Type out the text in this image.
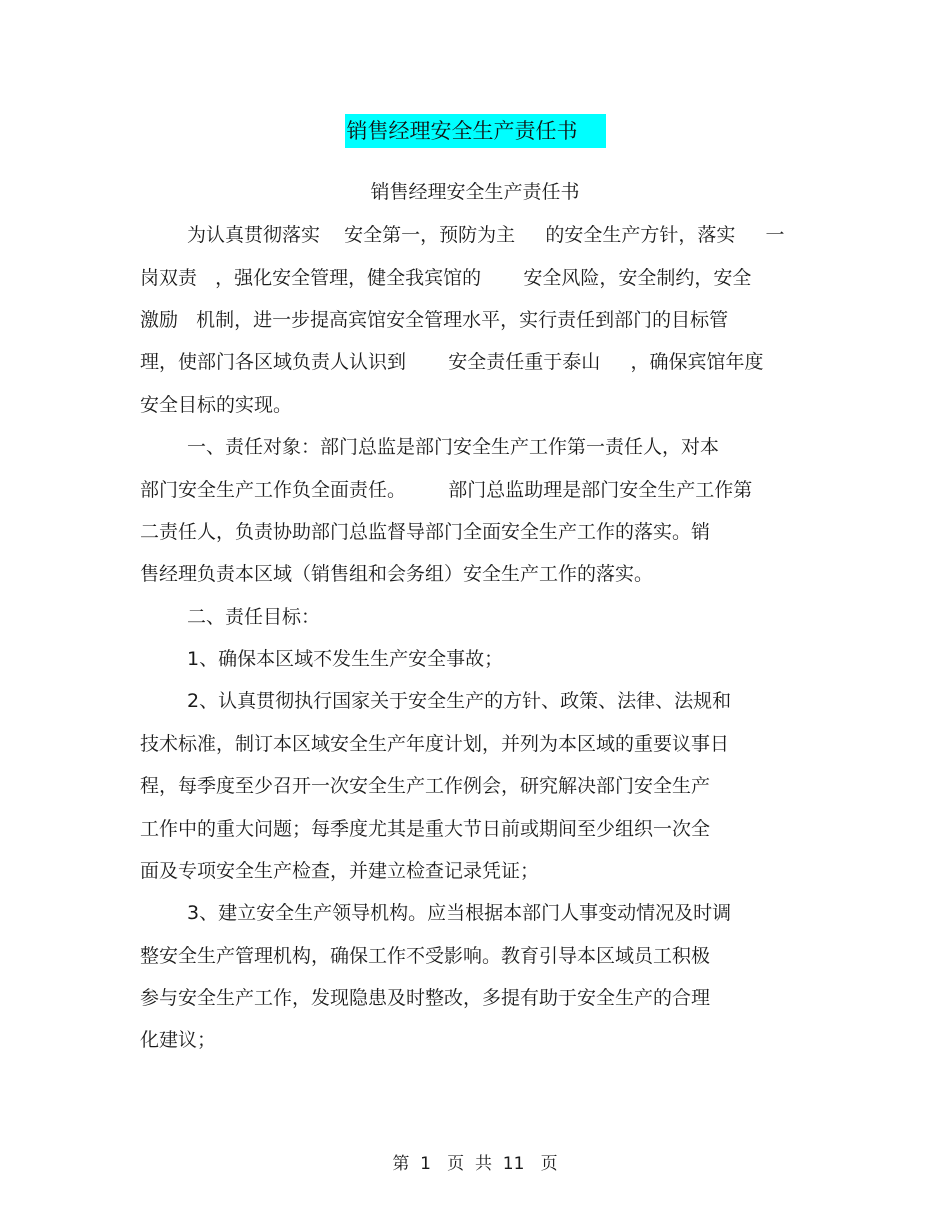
销售经理安全生产责任书
销售经理安全生产责任书
为认真贯彻落实    安全第一，预防为主     的安全生产方针，落实     一
岗双责   ，强化安全管理，健全我宾馆的       安全风险，安全制约，安全
激励   机制，进一步提高宾馆安全管理水平，实行责任到部门的目标管
理，使部门各区域负责人认识到       安全责任重于泰山     ，确保宾馆年度
安全目标的实现。
一、责任对象：部门总监是部门安全生产工作第一责任人，对本
部门安全生产工作负全面责任。       部门总监助理是部门安全生产工作第
二责任人，负责协助部门总监督导部门全面安全生产工作的落实。销
售经理负责本区域（销售组和会务组）安全生产工作的落实。
二、责任目标：
1、确保本区域不发生生产安全事故；
2、认真贯彻执行国家关于安全生产的方针、政策、法律、法规和
技术标准，制订本区域安全生产年度计划，并列为本区域的重要议事日
程，每季度至少召开一次安全生产工作例会，研究解决部门安全生产
工作中的重大问题；每季度尤其是重大节日前或期间至少组织一次全
面及专项安全生产检查，并建立检查记录凭证；
3、建立安全生产领导机构。应当根据本部门人事变动情况及时调
整安全生产管理机构，确保工作不受影响。教育引导本区域员工积极
参与安全生产工作，发现隐患及时整改，多提有助于安全生产的合理
化建议；
第  1   页  共  11   页
